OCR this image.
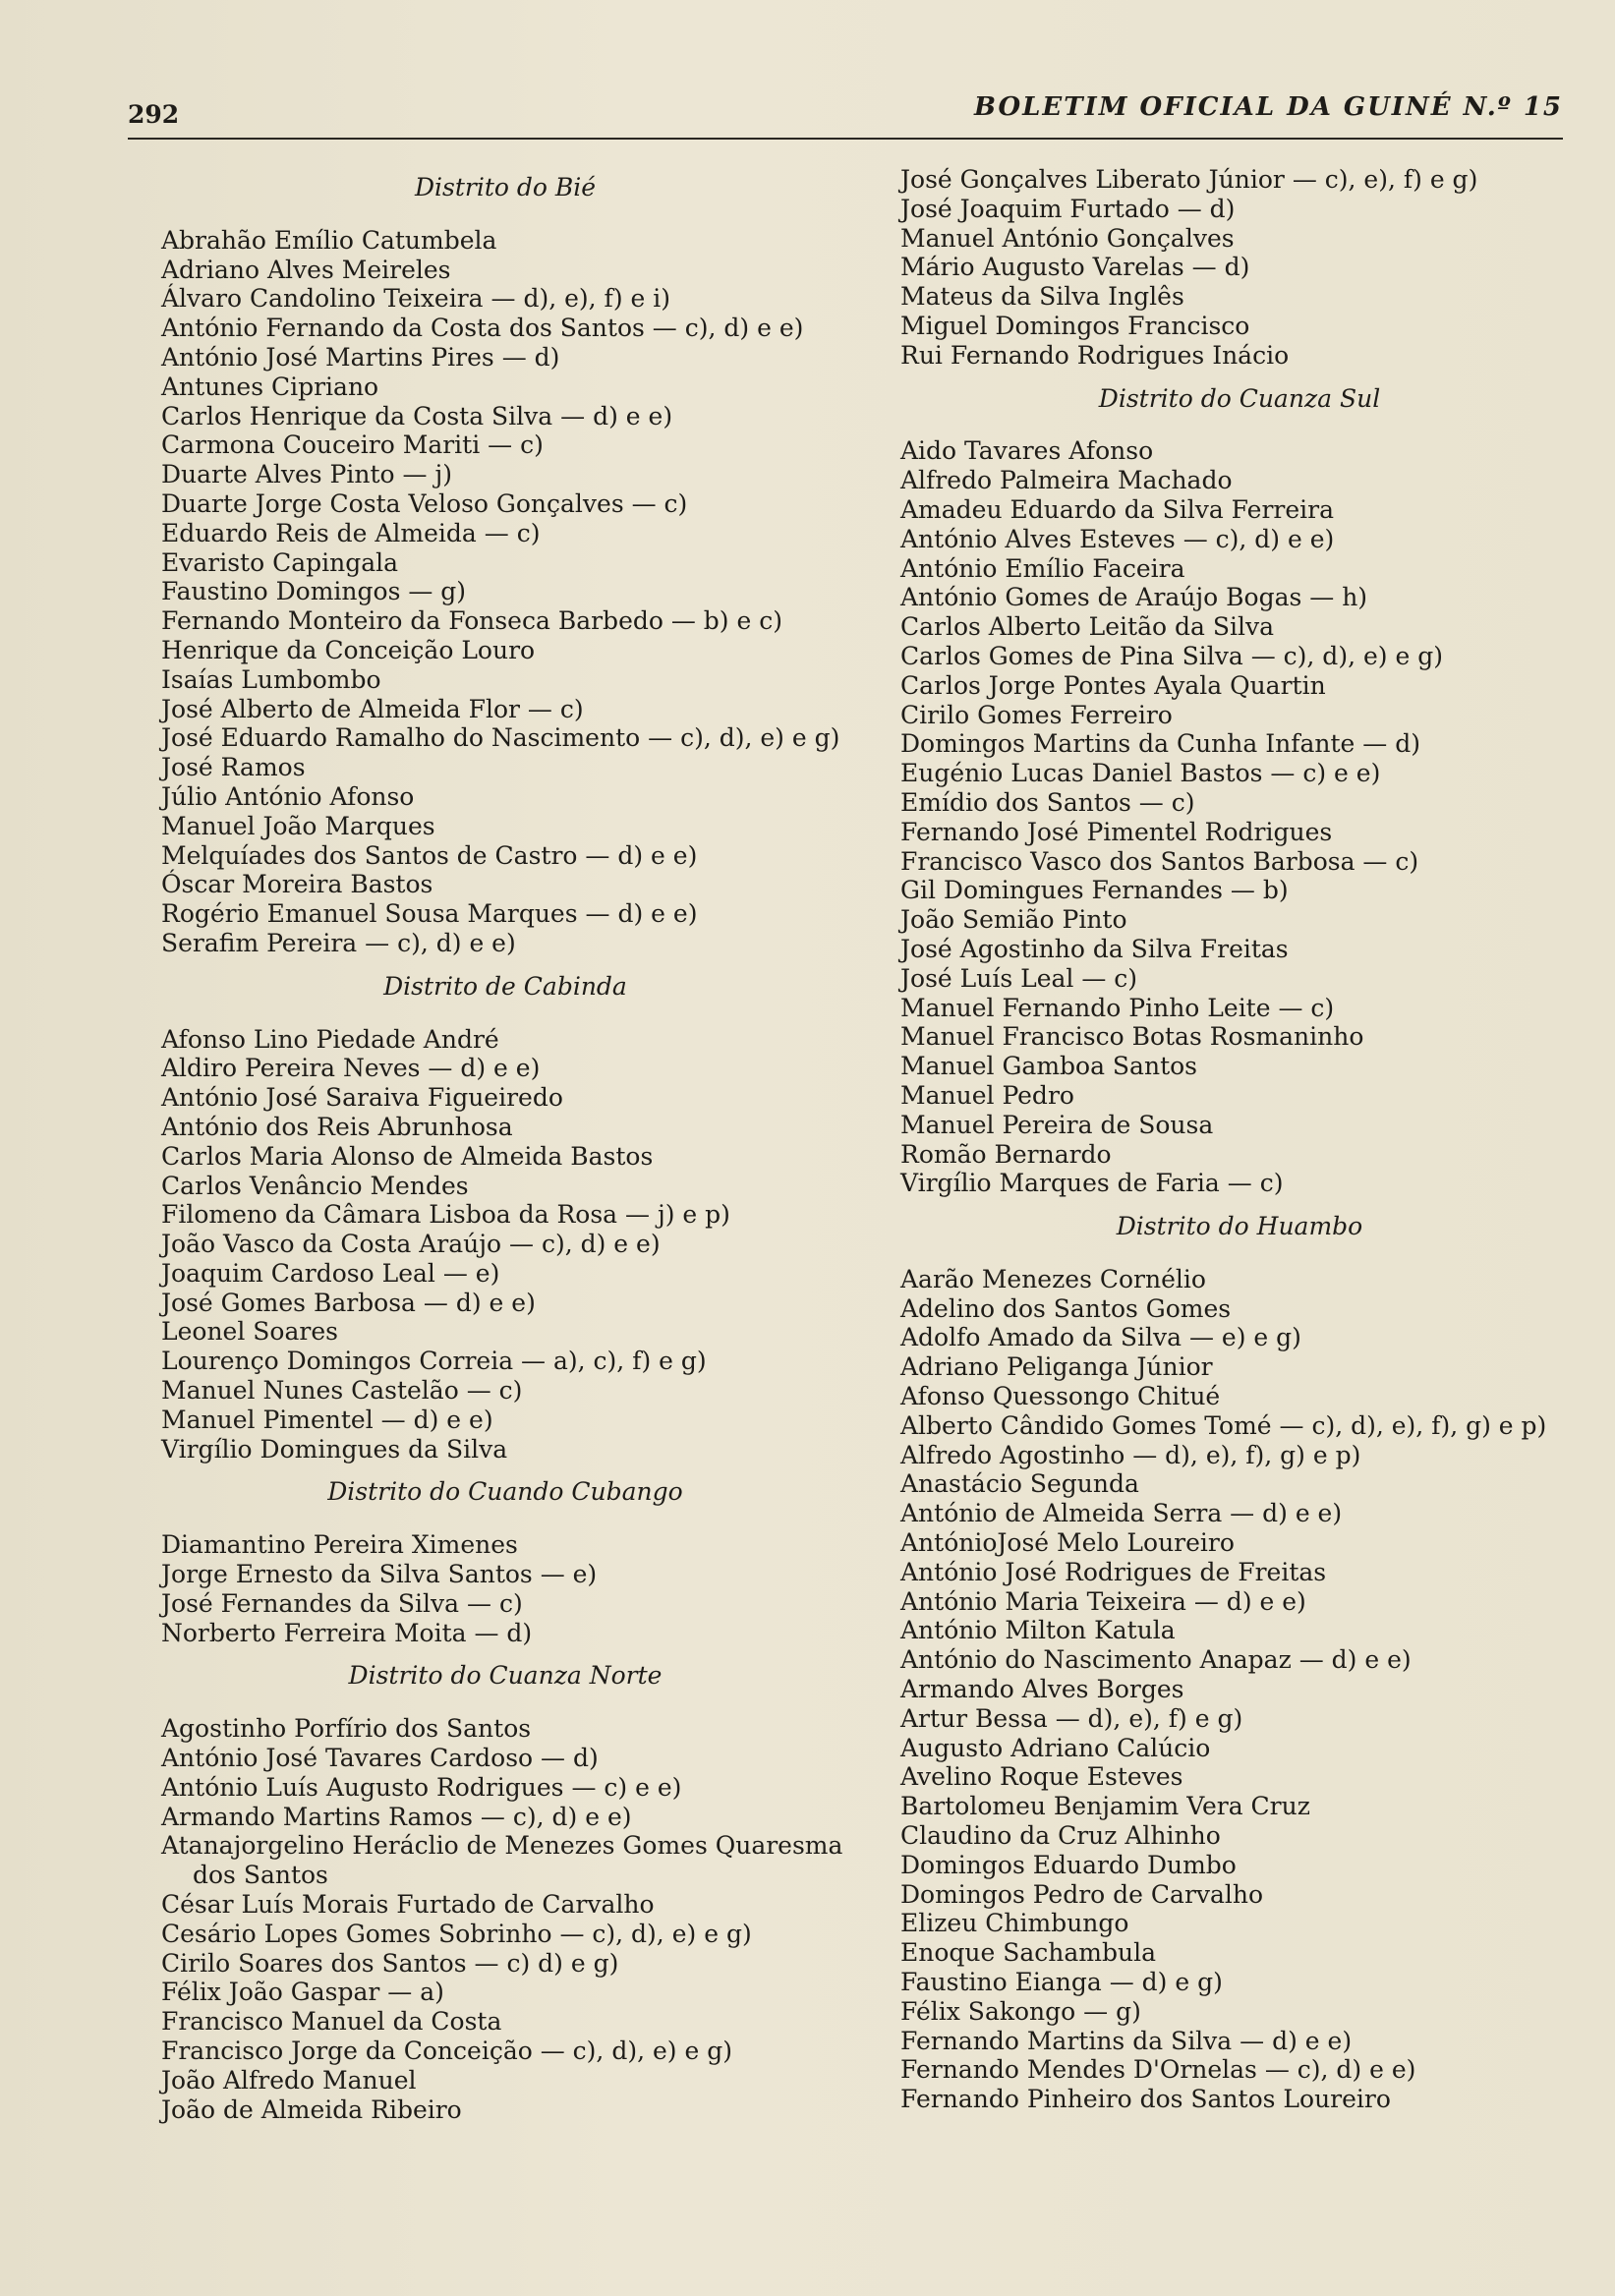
292	BOLETIM OFICIAL DA GUINÉ N.º 15
Distrito do Bié
Abrahão Emílio Catumbela
Adriano Alves Meireles
Álvaro Candolino Teixeira — d), e), f) e i)
António Fernando da Costa dos Santos — c), d) e e)
António José Martins Pires — d)
Antunes Cipriano
Carlos Henrique da Costa Silva — d) e e)
Carmona Couceiro Mariti — c)
Duarte Alves Pinto — j)
Duarte Jorge Costa Veloso Gonçalves — c)
Eduardo Reis de Almeida — c)
Evaristo Capingala
Faustino Domingos — g)
Fernando Monteiro da Fonseca Barbedo — b) e c)
Henrique da Conceição Louro
Isaías Lumbombo
José Alberto de Almeida Flor — c)
José Eduardo Ramalho do Nascimento — c), d), e) e g)
José Ramos
Júlio António Afonso
Manuel João Marques
Melquíades dos Santos de Castro — d) e e)
Óscar Moreira Bastos
Rogério Emanuel Sousa Marques — d) e e)
Serafim Pereira — c), d) e e)
Distrito de Cabinda
Afonso Lino Piedade André
Aldiro Pereira Neves — d) e e)
António José Saraiva Figueiredo
António dos Reis Abrunhosa
Carlos Maria Alonso de Almeida Bastos
Carlos Venâncio Mendes
Filomeno da Câmara Lisboa da Rosa — j) e p)
João Vasco da Costa Araújo — c), d) e e)
Joaquim Cardoso Leal — e)
José Gomes Barbosa — d) e e)
Leonel Soares
Lourenço Domingos Correia — a), c), f) e g)
Manuel Nunes Castelão — c)
Manuel Pimentel — d) e e)
Virgílio Domingues da Silva
Distrito do Cuando Cubango
Diamantino Pereira Ximenes
Jorge Ernesto da Silva Santos — e)
José Fernandes da Silva — c)
Norberto Ferreira Moita — d)
Distrito do Cuanza Norte
Agostinho Porfírio dos Santos
António José Tavares Cardoso — d)
António Luís Augusto Rodrigues — c) e e)
Armando Martins Ramos — c), d) e e)
Atanajorgelino Heráclio de Menezes Gomes Quaresma
dos Santos
César Luís Morais Furtado de Carvalho
Cesário Lopes Gomes Sobrinho — c), d), e) e g)
Cirilo Soares dos Santos — c) d) e g)
Félix João Gaspar — a)
Francisco Manuel da Costa
Francisco Jorge da Conceição — c), d), e) e g)
João Alfredo Manuel
João de Almeida Ribeiro
José Gonçalves Liberato Júnior — c), e), f) e g)
José Joaquim Furtado — d)
Manuel António Gonçalves
Mário Augusto Varelas — d)
Mateus da Silva Inglês
Miguel Domingos Francisco
Rui Fernando Rodrigues Inácio
Distrito do Cuanza Sul
Aido Tavares Afonso
Alfredo Palmeira Machado
Amadeu Eduardo da Silva Ferreira
António Alves Esteves — c), d) e e)
António Emílio Faceira
António Gomes de Araújo Bogas — h)
Carlos Alberto Leitão da Silva
Carlos Gomes de Pina Silva — c), d), e) e g)
Carlos Jorge Pontes Ayala Quartin
Cirilo Gomes Ferreiro
Domingos Martins da Cunha Infante — d)
Eugénio Lucas Daniel Bastos — c) e e)
Emídio dos Santos — c)
Fernando José Pimentel Rodrigues
Francisco Vasco dos Santos Barbosa — c)
Gil Domingues Fernandes — b)
João Semião Pinto
José Agostinho da Silva Freitas
José Luís Leal — c)
Manuel Fernando Pinho Leite — c)
Manuel Francisco Botas Rosmaninho
Manuel Gamboa Santos
Manuel Pedro
Manuel Pereira de Sousa
Romão Bernardo
Virgílio Marques de Faria — c)
Distrito do Huambo
Aarão Menezes Cornélio
Adelino dos Santos Gomes
Adolfo Amado da Silva — e) e g)
Adriano Peliganga Júnior
Afonso Quessongo Chitué
Alberto Cândido Gomes Tomé — c), d), e), f), g) e p)
Alfredo Agostinho — d), e), f), g) e p)
Anastácio Segunda
António de Almeida Serra — d) e e)
AntónioJosé Melo Loureiro
António José Rodrigues de Freitas
António Maria Teixeira — d) e e)
António Milton Katula
António do Nascimento Anapaz — d) e e)
Armando Alves Borges
Artur Bessa — d), e), f) e g)
Augusto Adriano Calúcio
Avelino Roque Esteves
Bartolomeu Benjamim Vera Cruz
Claudino da Cruz Alhinho
Domingos Eduardo Dumbo
Domingos Pedro de Carvalho
Elizeu Chimbungo
Enoque Sachambula
Faustino Eianga — d) e g)
Félix Sakongo — g)
Fernando Martins da Silva — d) e e)
Fernando Mendes D'Ornelas — c), d) e e)
Fernando Pinheiro dos Santos Loureiro
